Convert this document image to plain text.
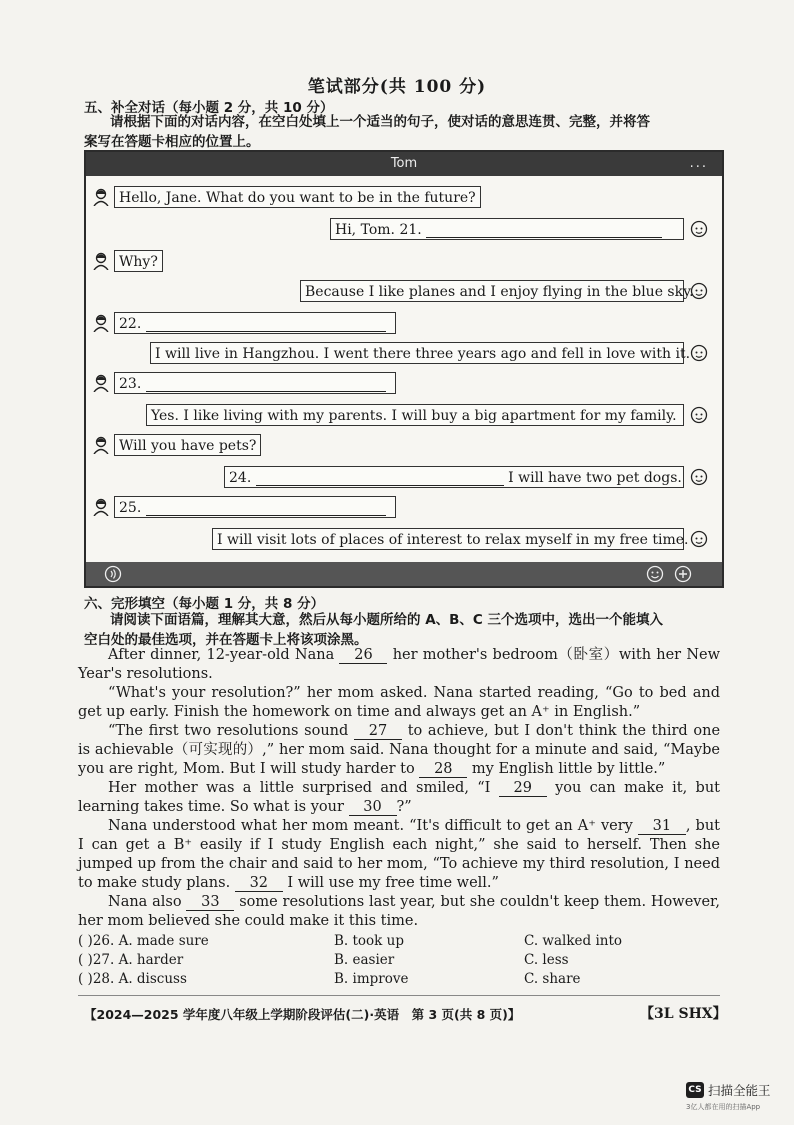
笔试部分(共 100 分)
五、补全对话（每小题 2 分，共 10 分）
请根据下面的对话内容，在空白处填上一个适当的句子，使对话的意思连贯、完整，并将答
案写在答题卡相应的位置上。
Tom	...
Hello, Jane. What do you want to be in the future?
Hi, Tom. 21.
Why?
Because I like planes and I enjoy flying in the blue sky.
22.
I will live in Hangzhou. I went there three years ago and fell in love with it.
23.
Yes. I like living with my parents. I will buy a big apartment for my family.
Will you have pets?
24.	I will have two pet dogs.
25.
I will visit lots of places of interest to relax myself in my free time.
六、完形填空（每小题 1 分，共 8 分）
请阅读下面语篇，理解其大意，然后从每小题所给的 A、B、C 三个选项中，选出一个能填入
空白处的最佳选项，并在答题卡上将该项涂黑。
After dinner, 12-year-old Nana 26 her mother's bedroom（卧室）with her New Year's resolutions.
“What's your resolution?” her mom asked. Nana started reading, “Go to bed and get up early. Finish the homework on time and always get an A⁺ in English.”
“The first two resolutions sound 27 to achieve, but I don't think the third one is achievable（可实现的）,” her mom said. Nana thought for a minute and said, “Maybe you are right, Mom. But I will study harder to 28 my English little by little.”
Her mother was a little surprised and smiled, “I 29 you can make it, but learning takes time. So what is your 30 ?”
Nana understood what her mom meant. “It's difficult to get an A⁺ very 31 , but I can get a B⁺ easily if I study English each night,” she said to herself. Then she jumped up from the chair and said to her mom, “To achieve my third resolution, I need to make study plans. 32 I will use my free time well.”
Nana also 33 some resolutions last year, but she couldn't keep them. However, her mom believed she could make it this time.
( )26. A. made sure	B. took up	C. walked into
( )27. A. harder	B. easier	C. less
( )28. A. discuss	B. improve	C. share
【2024—2025 学年度八年级上学期阶段评估(二)·英语　第 3 页(共 8 页)】	【3L SHX】
CS 扫描全能王
3亿人都在用的扫描App
